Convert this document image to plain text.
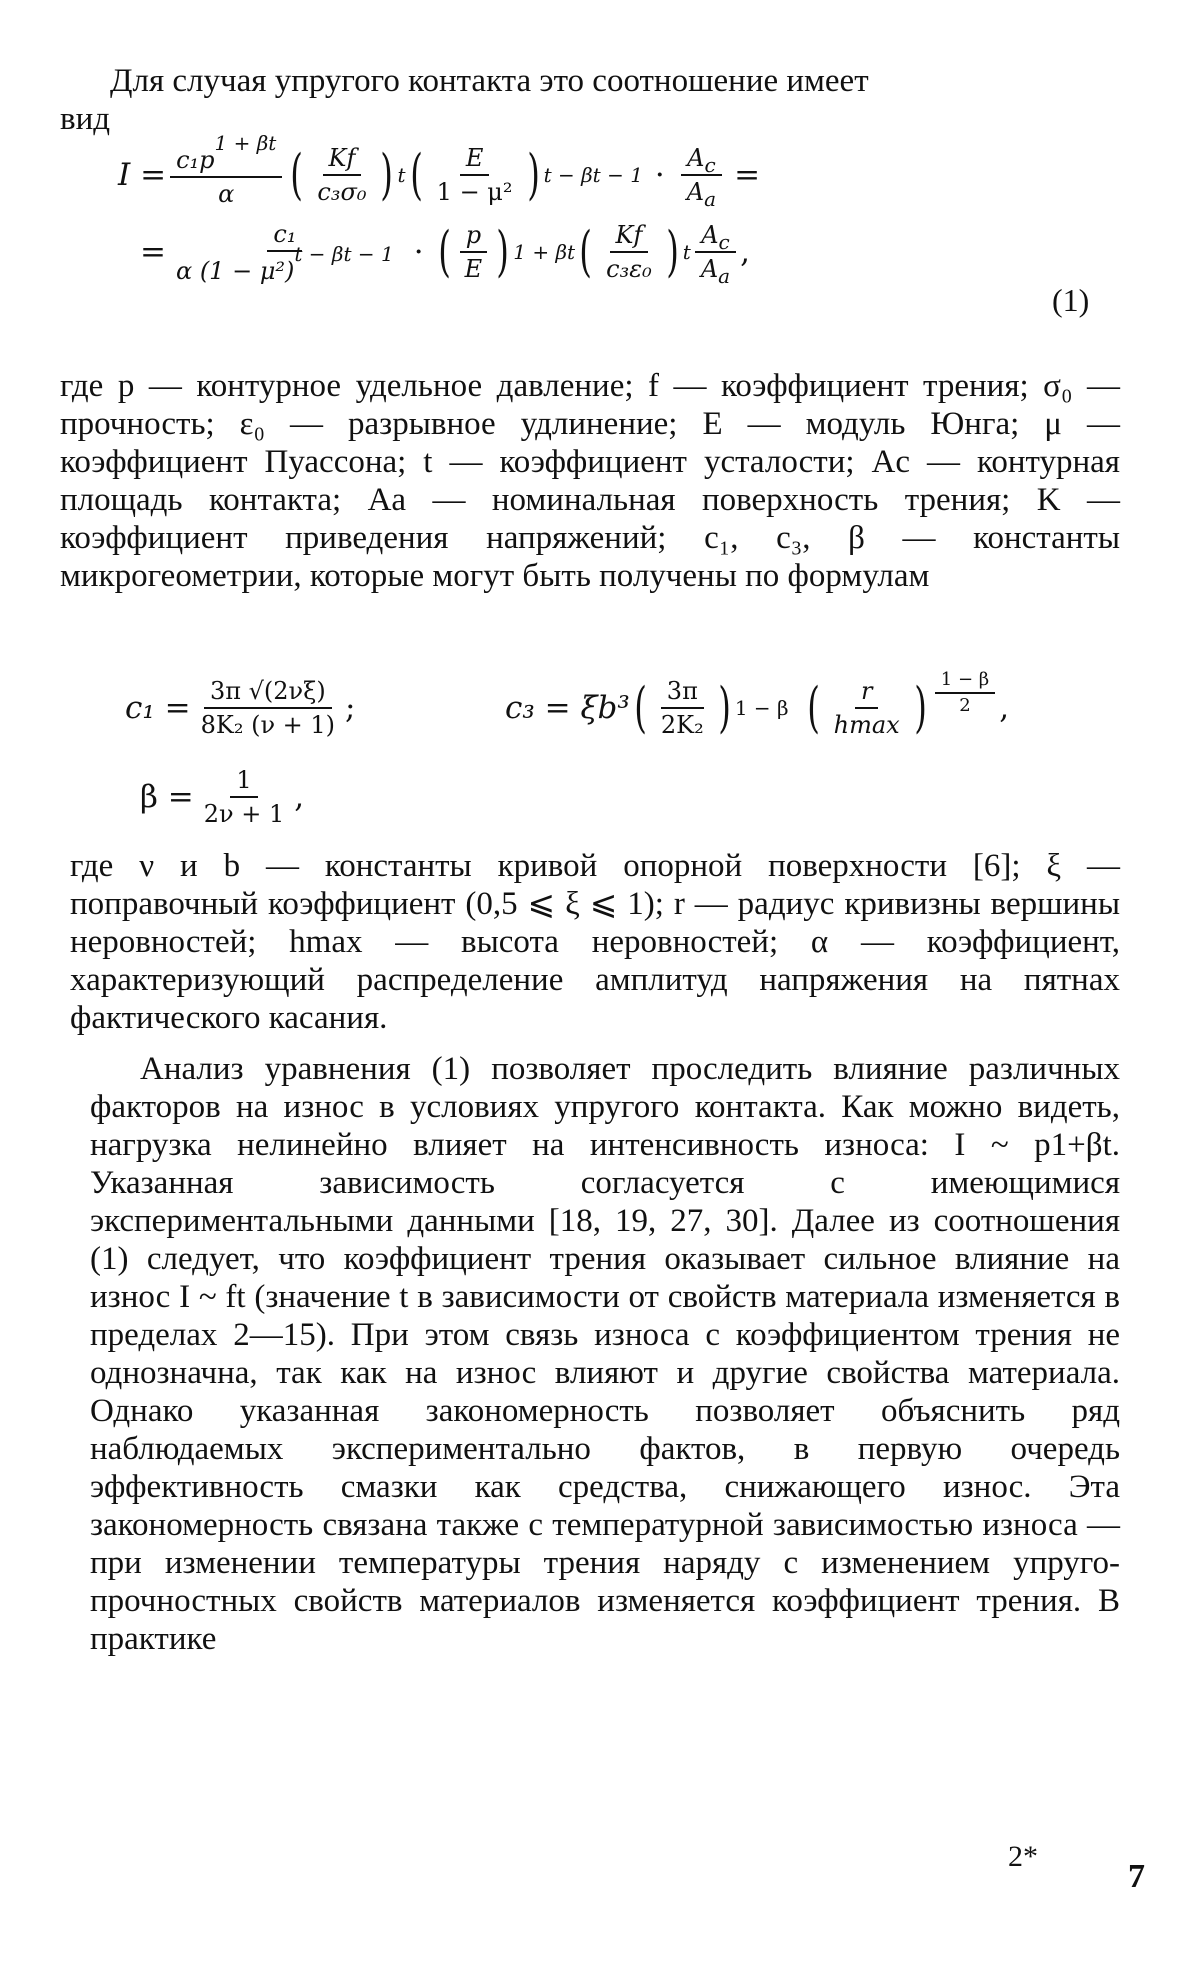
Для случая упругого контакта это соотношение имеет

вид

$I = \frac{c_1p^{1 + \beta t}}{\alpha}$ ( $\frac{Kf}{\text{c₃σ₀}}$ ) t ( $\frac{E}{\text{1 − μ²}}$ ) $t - \beta t - 1 \cdot \frac{A_c}{A_a}$ =
= $\frac{\text{c₁}}{\alpha (1 - \mu^2)^{t - \beta t - 1}}$ · ( $\frac{p}{E}$ ) 1 + βt ( $\frac{Kf}{\text{c₃ε₀}}$ ) t $\frac{A_c}{A_a}$ ,
(1)

где p — контурное удельное давление; f — коэффициент трения; σ₀ — прочность; ε₀ — разрывное удлинение; E — модуль Юнга; μ — коэффициент Пуассона; t — коэффициент усталости; Aс — контурная площадь контакта; Aа — номинальная поверхность трения; K — коэффициент приведения напряжений; c₁, c₃, β — константы микрогеометрии, которые могут быть получены по формулам

$c_1 = \frac{3\pi √(2\nu\xi)}{\text{8K₂ (ν + 1)}}$ ;	c₃ = ξb³ ( $\frac{3\pi}{\text{2K₂}}$ ) 1 − β ( $\frac{r}{hmax}$ ) $\frac{1 - \beta}{2}$ ,
$\beta = \frac{1}{2\nu + 1}$ ,

где ν и b — константы кривой опорной поверхности [6]; ξ — поправочный коэффициент (0,5 ⩽ ξ ⩽ 1); r — радиус кривизны вершины неровностей; hmax — высота неровностей; α — коэффициент, характеризующий распределение амплитуд напряжения на пятнах фактического касания.

Анализ уравнения (1) позволяет проследить влияние различных факторов на износ в условиях упругого контакта. Как можно видеть, нагрузка нелинейно влияет на интенсивность износа: I ~ p1+βt. Указанная зависимость согласуется с имеющимися экспериментальными данными [18, 19, 27, 30]. Далее из соотношения (1) следует, что коэффициент трения оказывает сильное влияние на износ I ~ ft (значение t в зависимости от свойств материала изменяется в пределах 2—15). При этом связь износа с коэффициентом трения не однозначна, так как на износ влияют и другие свойства материала. Однако указанная закономерность позволяет объяснить ряд наблюдаемых экспериментально фактов, в первую очередь эффективность смазки как средства, снижающего износ. Эта закономерность связана также с температурной зависимостью износа — при изменении температуры трения наряду с изменением упруго-прочностных свойств материалов изменяется коэффициент трения. В практике

2*
7
